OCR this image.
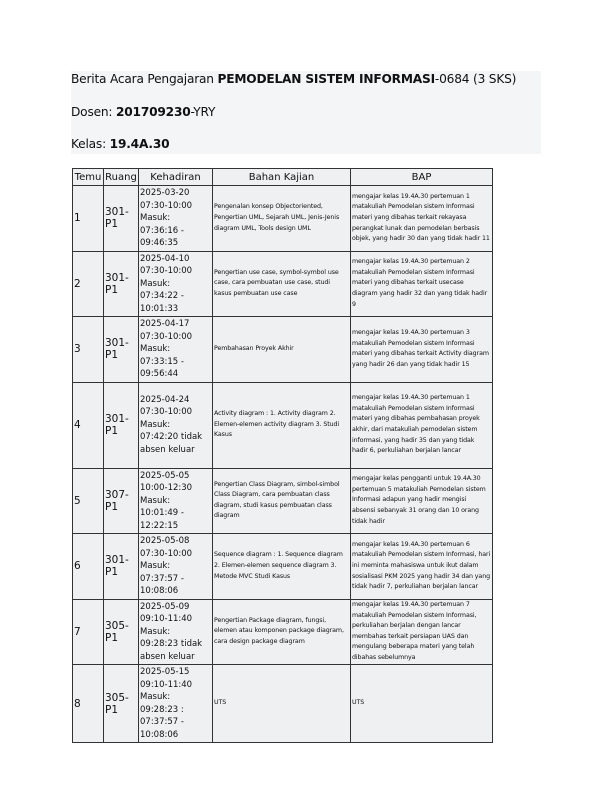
Berita Acara Pengajaran PEMODELAN SISTEM INFORMASI-0684 (3 SKS)
Dosen: 201709230-YRY
Kelas: 19.4A.30
Temu	Ruang	Kehadiran	Bahan Kajian	BAP
1	301-P1	2025-03-20 07:30-10:00 Masuk: 07:36:16 - 09:46:35	Pengenalan konsep Objectoriented, Pengertian UML, Sejarah UML, Jenis-Jenis diagram UML, Tools design UML	mengajar kelas 19.4A.30 pertemuan 1 matakuliah Pemodelan sistem Informasi materi yang dibahas terkait rekayasa perangkat lunak dan pemodelan berbasis objek, yang hadir 30 dan yang tidak hadir 11
2	301-P1	2025-04-10 07:30-10:00 Masuk: 07:34:22 - 10:01:33	Pengertian use case, symbol-symbol use case, cara pembuatan use case, studi kasus pembuatan use case	mengajar kelas 19.4A.30 pertemuan 2 matakuliah Pemodelan sistem Informasi materi yang dibahas terkait usecase diagram yang hadir 32 dan yang tidak hadir 9
3	301-P1	2025-04-17 07:30-10:00 Masuk: 07:33:15 - 09:56:44	Pembahasan Proyek Akhir	mengajar kelas 19.4A.30 pertemuan 3 matakuliah Pemodelan sistem Informasi materi yang dibahas terkait Activity diagram yang hadir 26 dan yang tidak hadir 15
4	301-P1	2025-04-24 07:30-10:00 Masuk: 07:42:20 tidak absen keluar	Activity diagram : 1. Activity diagram 2. Elemen-elemen activity diagram 3. Studi Kasus	mengajar kelas 19.4A.30 pertemuan 1 matakuliah Pemodelan sistem Informasi materi yang dibahas pembahasan proyek akhir, dari matakuliah pemodelan sistem informasi, yang hadir 35 dan yang tidak hadir 6, perkuliahan berjalan lancar
5	307-P1	2025-05-05 10:00-12:30 Masuk: 10:01:49 - 12:22:15	Pengertian Class Diagram, simbol-simbol Class Diagram, cara pembuatan class diagram, studi kasus pembuatan class diagram	mengajar kelas pengganti untuk 19.4A.30 pertemuan 5 matakuliah Pemodelan sistem Informasi adapun yang hadir mengisi absensi sebanyak 31 orang dan 10 orang tidak hadir
6	301-P1	2025-05-08 07:30-10:00 Masuk: 07:37:57 - 10:08:06	Sequence diagram : 1. Sequence diagram 2. Elemen-elemen sequence diagram 3. Metode MVC Studi Kasus	mengajar kelas 19.4A.30 pertemuan 6 matakuliah Pemodelan sistem Informasi, hari ini meminta mahasiswa untuk ikut dalam sosialisasi PKM 2025 yang hadir 34 dan yang tidak hadir 7, perkuliahan berjalan lancar
7	305-P1	2025-05-09 09:10-11:40 Masuk: 09:28:23 tidak absen keluar	Pengertian Package diagram, fungsi, elemen atau komponen package diagram, cara design package diagram	mengajar kelas 19.4A.30 pertemuan 7 matakuliah Pemodelan sistem Informasi, perkuliahan berjalan dengan lancar membahas terkait persiapan UAS dan mengulang beberapa materi yang telah dibahas sebelumnya
8	305-P1	2025-05-15 09:10-11:40 Masuk: 09:28:23 : 07:37:57 - 10:08:06	UTS	UTS
